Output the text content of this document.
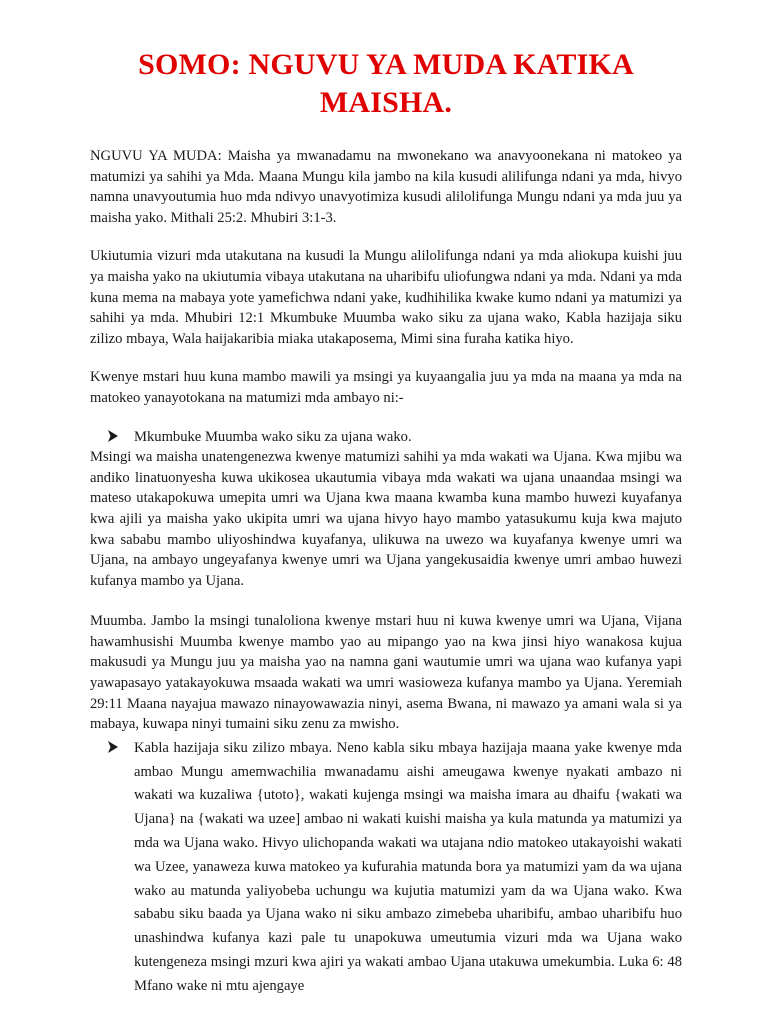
SOMO: NGUVU YA MUDA KATIKA
MAISHA.

NGUVU YA MUDA: Maisha ya mwanadamu na mwonekano wa anavyoonekana ni matokeo ya matumizi ya sahihi ya Mda. Maana Mungu kila jambo na kila kusudi alilifunga ndani ya mda, hivyo namna unavyoutumia huo mda ndivyo unavyotimiza kusudi alilolifunga Mungu ndani ya mda juu ya maisha yako. Mithali 25:2. Mhubiri 3:1-3.

Ukiutumia vizuri mda utakutana na kusudi la Mungu alilolifunga ndani ya mda aliokupa kuishi juu ya maisha yako na ukiutumia vibaya utakutana na uharibifu uliofungwa ndani ya mda. Ndani ya mda kuna mema na mabaya yote yamefichwa ndani yake, kudhihilika kwake kumo ndani ya matumizi ya sahihi ya mda. Mhubiri 12:1 Mkumbuke Muumba wako siku za ujana wako, Kabla hazijaja siku zilizo mbaya, Wala haijakaribia miaka utakaposema, Mimi sina furaha katika hiyo.

Kwenye mstari huu kuna mambo mawili ya msingi ya kuyaangalia juu ya mda na maana ya mda na matokeo yanayotokana na matumizi mda ambayo ni:-

Mkumbuke Muumba wako siku za ujana wako.

Msingi wa maisha unatengenezwa kwenye matumizi sahihi ya mda wakati wa Ujana. Kwa mjibu wa andiko linatuonyesha kuwa ukikosea ukautumia vibaya mda wakati wa ujana unaandaa msingi wa mateso utakapokuwa umepita umri wa Ujana kwa maana kwamba kuna mambo huwezi kuyafanya kwa ajili ya maisha yako ukipita umri wa ujana hivyo hayo mambo yatasukumu kuja kwa majuto kwa sababu mambo uliyoshindwa kuyafanya, ulikuwa na uwezo wa kuyafanya kwenye umri wa Ujana, na ambayo ungeyafanya kwenye umri wa Ujana yangekusaidia kwenye umri ambao huwezi kufanya mambo ya Ujana.

Muumba. Jambo la msingi tunaloliona kwenye mstari huu ni kuwa kwenye umri wa Ujana, Vijana hawamhusishi Muumba kwenye mambo yao au mipango yao na kwa jinsi hiyo wanakosa kujua makusudi ya Mungu juu ya maisha yao na namna gani wautumie umri wa ujana wao kufanya yapi yawapasayo yatakayokuwa msaada wakati wa umri wasioweza kufanya mambo ya Ujana. Yeremiah 29:11 Maana nayajua mawazo ninayowawazia ninyi, asema Bwana, ni mawazo ya amani wala si ya mabaya, kuwapa ninyi tumaini siku zenu za mwisho.

Kabla hazijaja siku zilizo mbaya. Neno kabla siku mbaya hazijaja maana yake kwenye mda ambao Mungu amemwachilia mwanadamu aishi ameugawa kwenye nyakati ambazo ni wakati wa kuzaliwa {utoto}, wakati kujenga msingi wa maisha imara au dhaifu {wakati wa Ujana} na {wakati wa uzee] ambao ni wakati kuishi maisha ya kula matunda ya matumizi ya mda wa Ujana wako. Hivyo ulichopanda wakati wa utajana ndio matokeo utakayoishi wakati wa Uzee, yanaweza kuwa matokeo ya kufurahia matunda bora ya matumizi yam da wa ujana wako au matunda yaliyobeba uchungu wa kujutia matumizi yam da wa Ujana wako. Kwa sababu siku baada ya Ujana wako ni siku ambazo zimebeba uharibifu, ambao uharibifu huo unashindwa kufanya kazi pale tu unapokuwa umeutumia vizuri mda wa Ujana wako kutengeneza msingi mzuri kwa ajiri ya wakati ambao Ujana utakuwa umekumbia. Luka 6: 48 Mfano wake ni mtu ajengaye
